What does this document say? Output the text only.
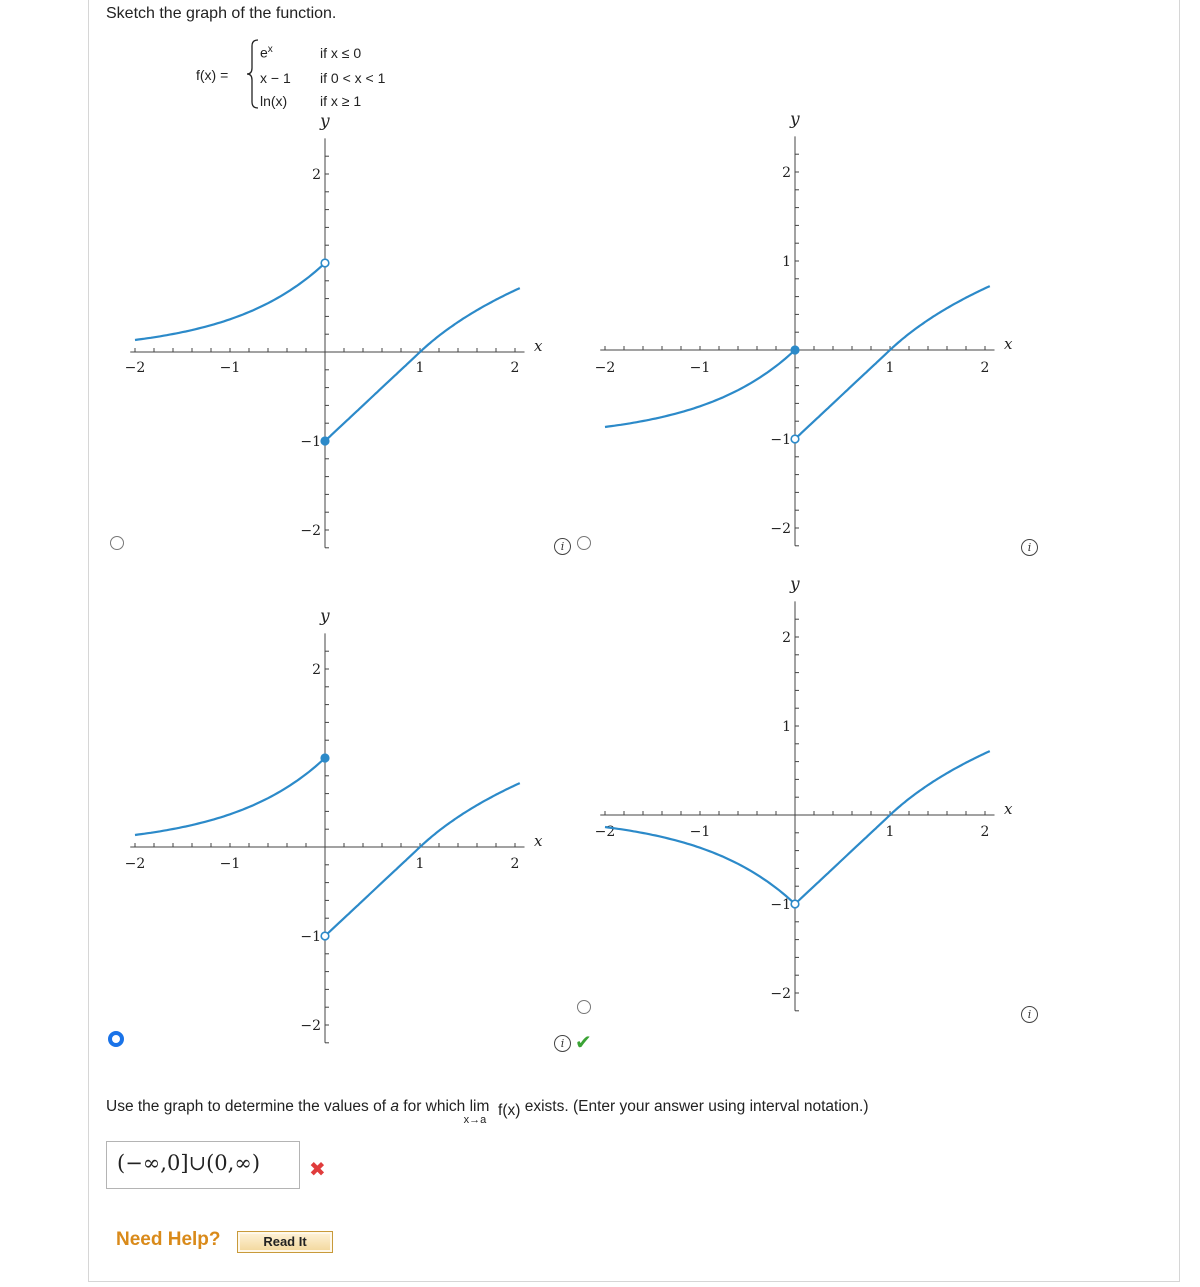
Sketch the graph of the function.
f(x) =
$e^x$	if x ≤ 0
x − 1 if 0 < x < 1
ln(x) if x ≥ 1
x
y
−2	−1	1	2
2
−1
−2
x
y
−2	−1	1	2
2
1
−1
−2
x
y
−2	−1	1	2
2
−1
−2
x
y
−2	−1	1	2
2
1
−1
−2
i	i
i
i
✔
Use the graph to determine the values of a for which lim
x→a
f(x) exists. (Enter your answer using interval notation.)
(−∞,0]∪(0,∞) ✖
Need Help?	Read It
